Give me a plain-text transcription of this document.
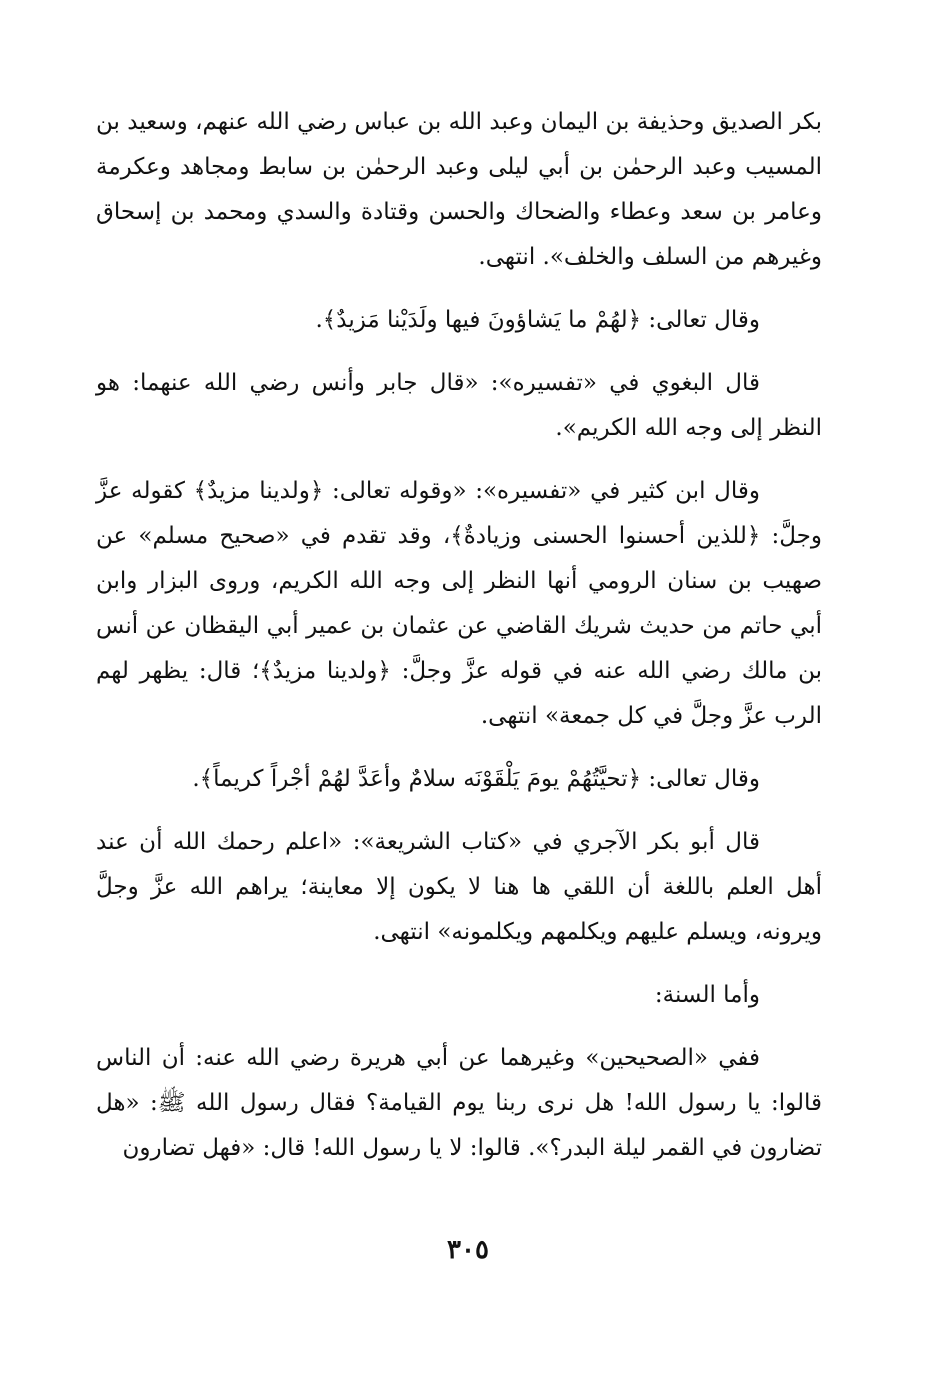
بكر الصديق وحذيفة بن اليمان وعبد الله بن عباس رضي الله عنهم، وسعيد بن المسيب وعبد الرحمٰن بن أبي ليلى وعبد الرحمٰن بن سابط ومجاهد وعكرمة وعامر بن سعد وعطاء والضحاك والحسن وقتادة والسدي ومحمد بن إسحاق وغيرهم من السلف والخلف». انتهى.

وقال تعالى: ﴿لهُمْ ما يَشاؤونَ فيها ولَدَيْنا مَزيدٌ﴾.

قال البغوي في «تفسيره»: «قال جابر وأنس رضي الله عنهما: هو النظر إلى وجه الله الكريم».

وقال ابن كثير في «تفسيره»: «وقوله تعالى: ﴿ولدينا مزيدٌ﴾ كقوله عزَّ وجلَّ: ﴿للذين أحسنوا الحسنى وزيادةٌ﴾، وقد تقدم في «صحيح مسلم» عن صهيب بن سنان الرومي أنها النظر إلى وجه الله الكريم، وروى البزار وابن أبي حاتم من حديث شريك القاضي عن عثمان بن عمير أبي اليقظان عن أنس بن مالك رضي الله عنه في قوله عزَّ وجلَّ: ﴿ولدينا مزيدٌ﴾؛ قال: يظهر لهم الرب عزَّ وجلَّ في كل جمعة» انتهى.

وقال تعالى: ﴿تحيَّتُهُمْ يومَ يَلْقَوْنَه سلامٌ وأعَدَّ لهُمْ أجْراً كريماً﴾.

قال أبو بكر الآجري في «كتاب الشريعة»: «اعلم رحمك الله أن عند أهل العلم باللغة أن اللقي ها هنا لا يكون إلا معاينة؛ يراهم الله عزَّ وجلَّ ويرونه، ويسلم عليهم ويكلمهم ويكلمونه» انتهى.

وأما السنة:

ففي «الصحيحين» وغيرهما عن أبي هريرة رضي الله عنه: أن الناس قالوا: يا رسول الله! هل نرى ربنا يوم القيامة؟ فقال رسول الله ﷺ: «هل تضارون في القمر ليلة البدر؟». قالوا: لا يا رسول الله! قال: «فهل تضارون

٣٠٥
